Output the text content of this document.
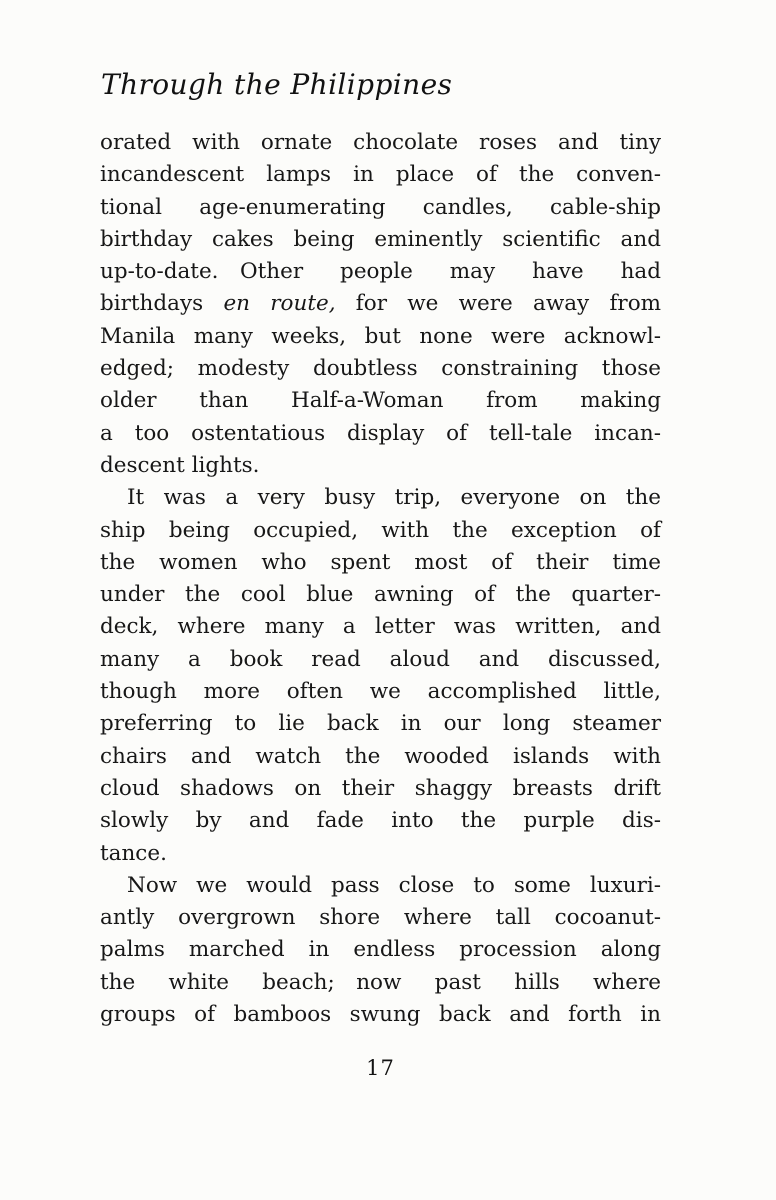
Through the Philippines
orated with ornate chocolate roses and tiny
incandescent lamps in place of the conven-
tional age-enumerating candles, cable-ship
birthday cakes being eminently scientific and
up-to-date. Other people may have had
birthdays en route, for we were away from
Manila many weeks, but none were acknowl-
edged; modesty doubtless constraining those
older than Half-a-Woman from making
a too ostentatious display of tell-tale incan-
descent lights.
It was a very busy trip, everyone on the
ship being occupied, with the exception of
the women who spent most of their time
under the cool blue awning of the quarter-
deck, where many a letter was written, and
many a book read aloud and discussed,
though more often we accomplished little,
preferring to lie back in our long steamer
chairs and watch the wooded islands with
cloud shadows on their shaggy breasts drift
slowly by and fade into the purple dis-
tance.
Now we would pass close to some luxuri-
antly overgrown shore where tall cocoanut-
palms marched in endless procession along
the white beach; now past hills where
groups of bamboos swung back and forth in
17
